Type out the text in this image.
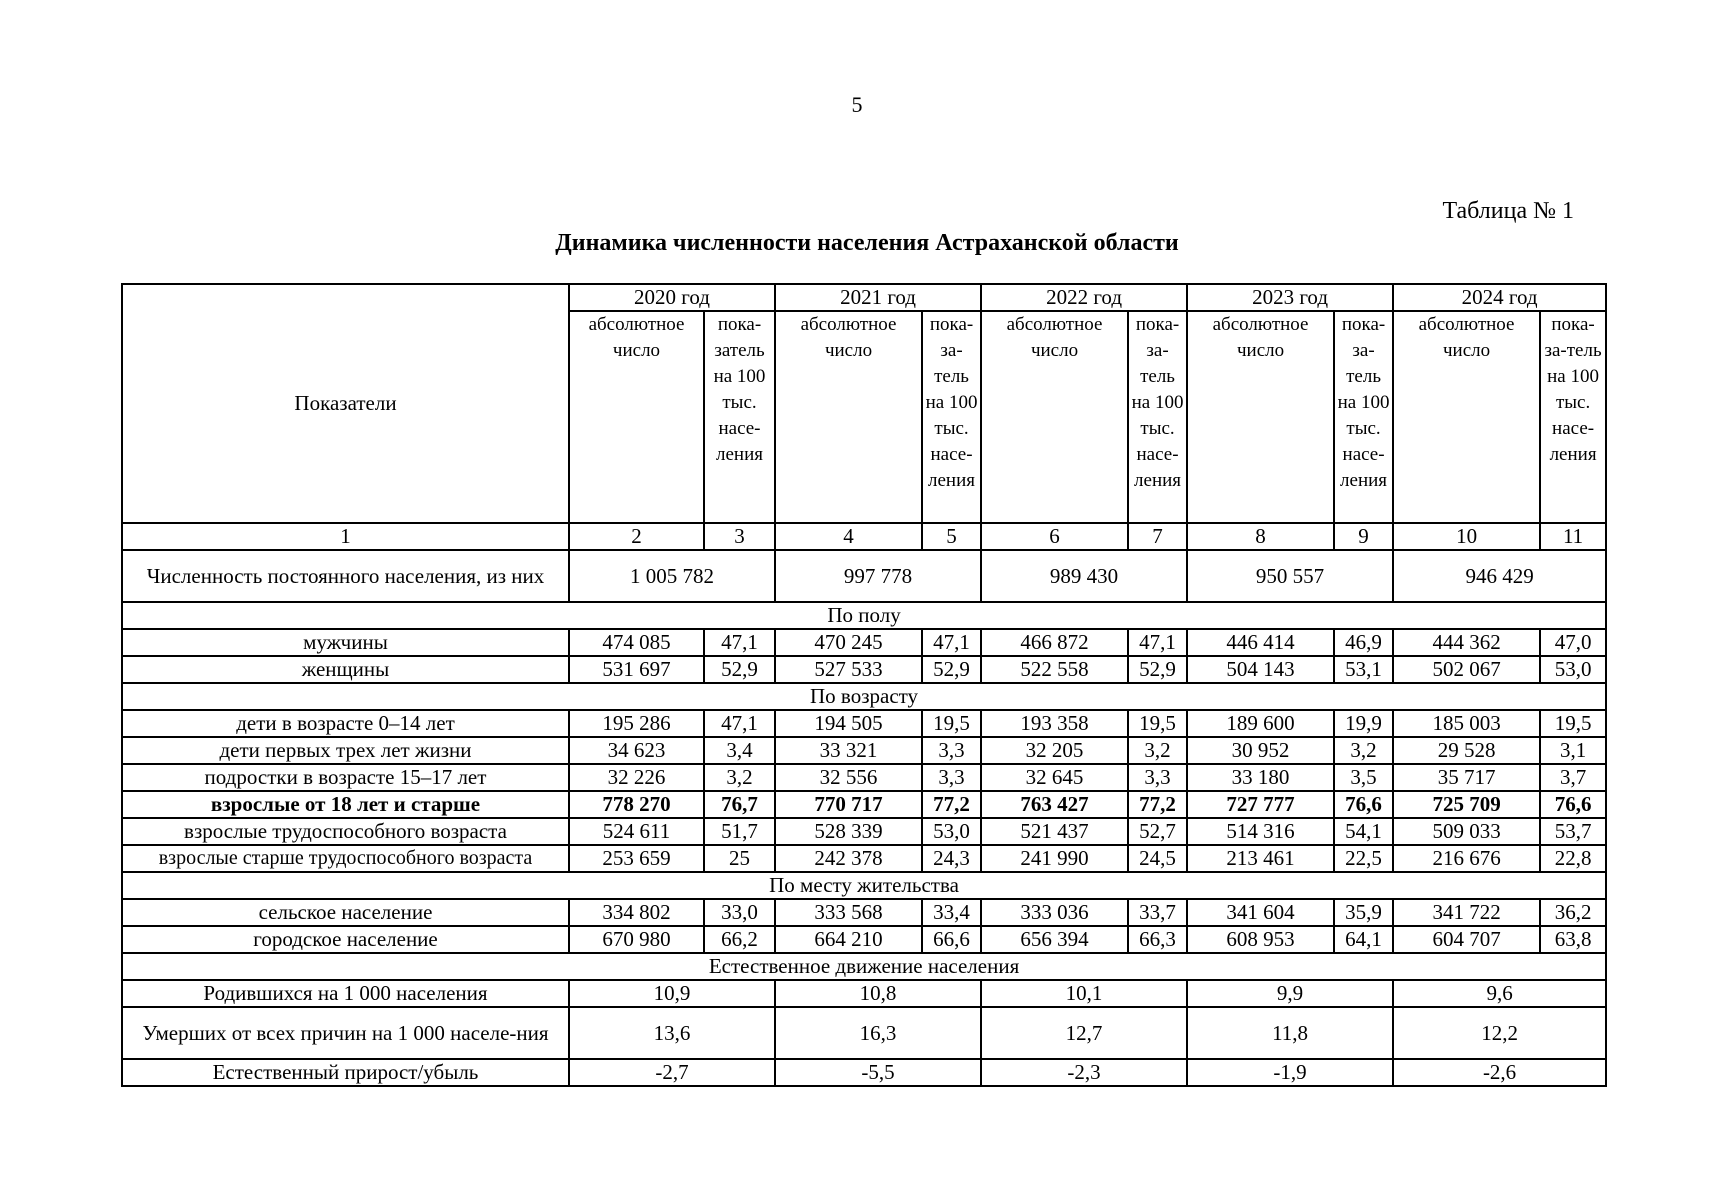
5
Таблица № 1
Динамика численности населения Астраханской области
Показатели	2020 год		2021 год		2022 год		2023 год		2024 год	
	абсолютное число	пока-затель на 100 тыс. насе-ления	абсолютное число	пока-за-тель на 100 тыс. насе-ления	абсолютное число	пока-за-тель на 100 тыс. насе-ления	абсолютное число	пока-за-тель на 100 тыс. насе-ления	абсолютное число	пока-за-тель на 100 тыс. насе-ления
1	2	3	4	5	6	7	8	9	10	11
Численность постоянного населения, из них	1 005 782		997 778		989 430		950 557		946 429	
По полу										
мужчины	474 085	47,1	470 245	47,1	466 872	47,1	446 414	46,9	444 362	47,0
женщины	531 697	52,9	527 533	52,9	522 558	52,9	504 143	53,1	502 067	53,0
По возрасту										
дети в возрасте 0–14 лет	195 286	47,1	194 505	19,5	193 358	19,5	189 600	19,9	185 003	19,5
дети первых трех лет жизни	34 623	3,4	33 321	3,3	32 205	3,2	30 952	3,2	29 528	3,1
подростки в возрасте 15–17 лет	32 226	3,2	32 556	3,3	32 645	3,3	33 180	3,5	35 717	3,7
взрослые от 18 лет и старше	778 270	76,7	770 717	77,2	763 427	77,2	727 777	76,6	725 709	76,6
взрослые трудоспособного возраста	524 611	51,7	528 339	53,0	521 437	52,7	514 316	54,1	509 033	53,7
взрослые старше трудоспособного возраста	253 659	25	242 378	24,3	241 990	24,5	213 461	22,5	216 676	22,8
По месту жительства										
сельское население	334 802	33,0	333 568	33,4	333 036	33,7	341 604	35,9	341 722	36,2
городское население	670 980	66,2	664 210	66,6	656 394	66,3	608 953	64,1	604 707	63,8
Естественное движение населения										
Родившихся на 1 000 населения	10,9		10,8		10,1		9,9		9,6	
Умерших от всех причин на 1 000 населе-ния	13,6		16,3		12,7		11,8		12,2	
Естественный прирост/убыль	-2,7		-5,5		-2,3		-1,9		-2,6	
